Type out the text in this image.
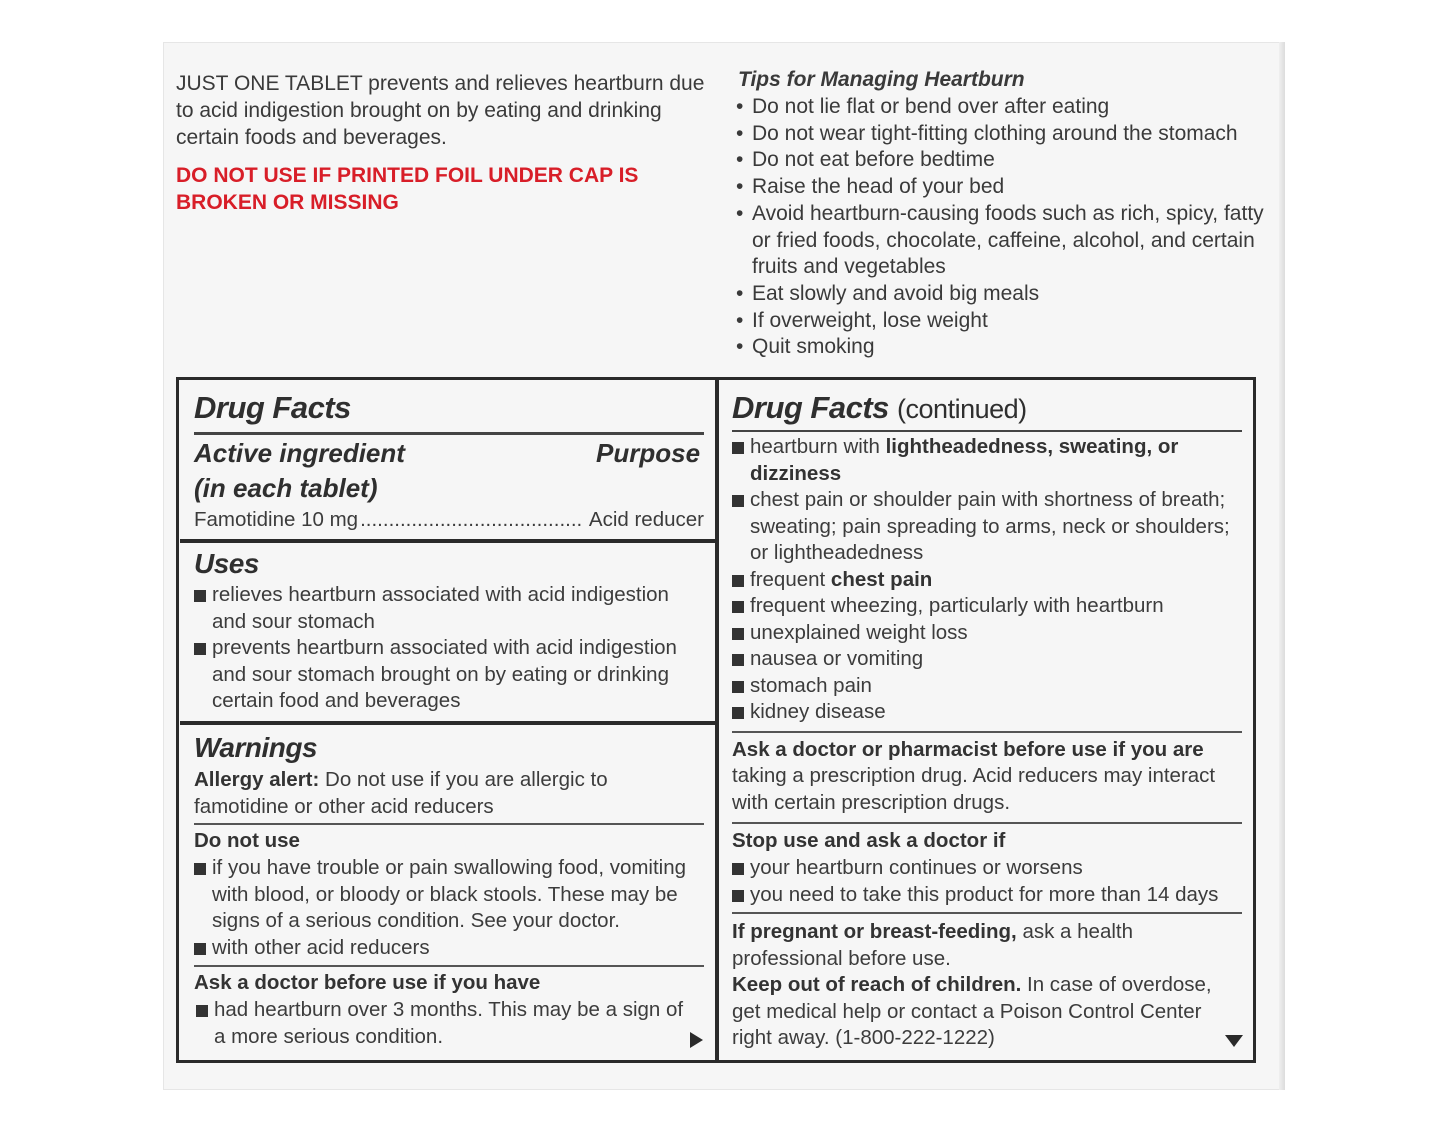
JUST ONE TABLET prevents and relieves heartburn due to acid indigestion brought on by eating and drinking certain foods and beverages.
DO NOT USE IF PRINTED FOIL UNDER CAP IS BROKEN OR MISSING
Tips for Managing Heartburn
• Do not lie flat or bend over after eating
• Do not wear tight-fitting clothing around the stomach
• Do not eat before bedtime
• Raise the head of your bed
• Avoid heartburn-causing foods such as rich, spicy, fatty or fried foods, chocolate, caffeine, alcohol, and certain fruits and vegetables
• Eat slowly and avoid big meals
• If overweight, lose weight
• Quit smoking
Drug Facts
Active ingredient
(in each tablet)
Purpose
Famotidine 10 mg ....................................... Acid reducer
Uses
relieves heartburn associated with acid indigestion and sour stomach
prevents heartburn associated with acid indigestion and sour stomach brought on by eating or drinking certain food and beverages
Warnings
Allergy alert: Do not use if you are allergic to famotidine or other acid reducers
Do not use
if you have trouble or pain swallowing food, vomiting with blood, or bloody or black stools. These may be signs of a serious condition. See your doctor.
with other acid reducers
Ask a doctor before use if you have
had heartburn over 3 months. This may be a sign of a more serious condition.
Drug Facts (continued)
heartburn with lightheadedness, sweating, or dizziness
chest pain or shoulder pain with shortness of breath; sweating; pain spreading to arms, neck or shoulders; or lightheadedness
frequent chest pain
frequent wheezing, particularly with heartburn
unexplained weight loss
nausea or vomiting
stomach pain
kidney disease
Ask a doctor or pharmacist before use if you are
taking a prescription drug. Acid reducers may interact with certain prescription drugs.
Stop use and ask a doctor if
your heartburn continues or worsens
you need to take this product for more than 14 days
If pregnant or breast-feeding, ask a health professional before use.
Keep out of reach of children. In case of overdose, get medical help or contact a Poison Control Center right away. (1-800-222-1222)
